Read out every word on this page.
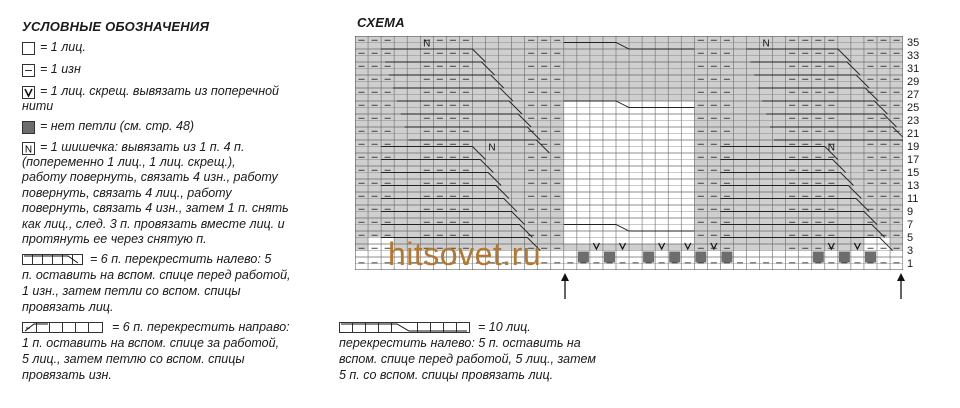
УСЛОВНЫЕ ОБОЗНАЧЕНИЯ
= 1 лиц.
= 1 изн
= 1 лиц. скрещ. вывязать из поперечной
нити
= нет петли (см. стр. 48)
N = 1 шишечка: вывязать из 1 п. 4 п.
(попеременно 1 лиц., 1 лиц. скрещ.),
работу повернуть, связать 4 изн., работу
повернуть, связать 4 лиц., работу
повернуть, связать 4 изн., затем 1 п. снять
как лиц., след. 3 п. провязать вместе лиц. и
протянуть ее через снятую п.
= 6 п. перекрестить налево: 5
п. оставить на вспом. спице перед работой,
1 изн., затем петли со вспом. спицы
провязать лиц.
= 6 п. перекрестить направо:
1 п. оставить на вспом. спице за работой,
5 лиц., затем петлю со вспом. спицы
провязать изн.
СХЕМА
N	N
N	N
35
33
31
29
27
25
23
21
19
17
15
13
11
9
7
5
3
1
= 10 лиц.
перекрестить налево: 5 п. оставить на
вспом. спице перед работой, 5 лиц., затем
5 п. со вспом. спицы провязать лиц.
hitsovet.ru
